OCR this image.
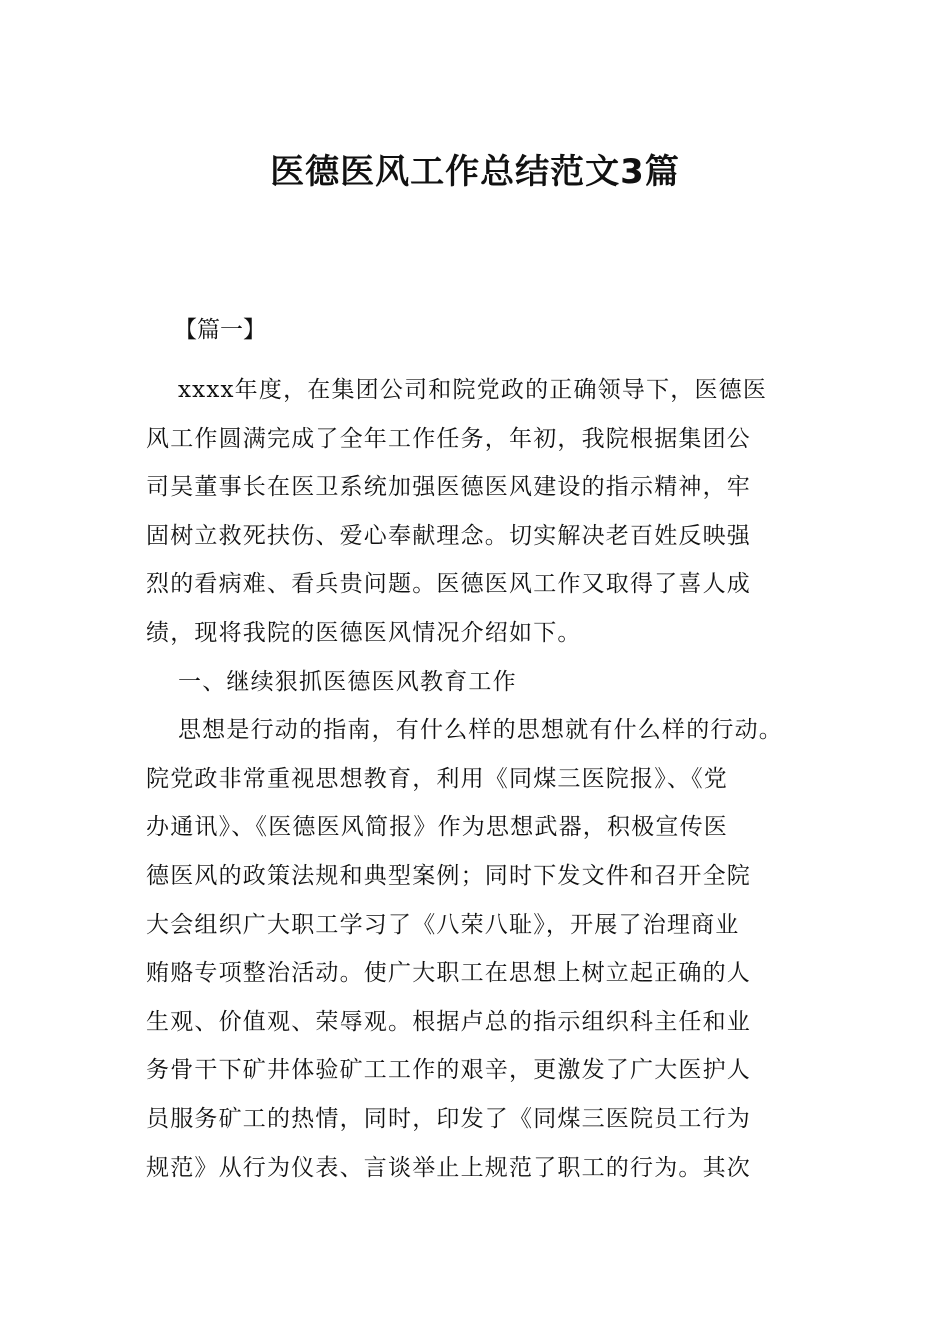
医德医风工作总结范文3篇

【篇一】

xxxx年度，在集团公司和院党政的正确领导下，医德医
风工作圆满完成了全年工作任务，年初，我院根据集团公
司吴董事长在医卫系统加强医德医风建设的指示精神，牢
固树立救死扶伤、爱心奉献理念。切实解决老百姓反映强
烈的看病难、看兵贵问题。医德医风工作又取得了喜人成
绩，现将我院的医德医风情况介绍如下。

一、继续狠抓医德医风教育工作

思想是行动的指南，有什么样的思想就有什么样的行动。
院党政非常重视思想教育，利用《同煤三医院报》、《党
办通讯》、《医德医风简报》作为思想武器，积极宣传医
德医风的政策法规和典型案例；同时下发文件和召开全院
大会组织广大职工学习了《八荣八耻》，开展了治理商业
贿赂专项整治活动。使广大职工在思想上树立起正确的人
生观、价值观、荣辱观。根据卢总的指示组织科主任和业
务骨干下矿井体验矿工工作的艰辛，更激发了广大医护人
员服务矿工的热情，同时，印发了《同煤三医院员工行为
规范》从行为仪表、言谈举止上规范了职工的行为。其次
